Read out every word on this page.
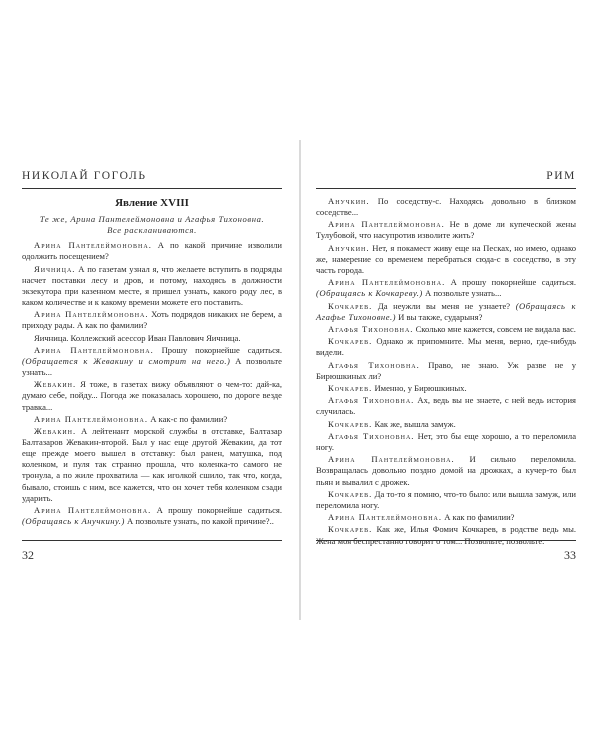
НИКОЛАЙ ГОГОЛЬ
Явление XVIII
Те же, Арина Пантелеймоновна и Агафья Тихоновна. Все раскланиваются.
Арина Пантелеймоновна. А по какой причине изволили одолжить посещением?
Яичница. А по газетам узнал я, что желаете вступить в подряды насчет поставки лесу и дров, и потому, находясь в должности экзекутора при казенном месте, я пришел узнать, какого роду лес, в каком количестве и к какому времени можете его поставить.
Арина Пантелеймоновна. Хоть подрядов никаких не берем, а приходу рады. А как по фамилии?
Яичница. Коллежский асессор Иван Павлович Яичница.
Арина Пантелеймоновна. Прошу покорнейше садиться. (Обращается к Жевакину и смотрит на него.) А позвольте узнать...
Жевакин. Я тоже, в газетах вижу объявляют о чем-то: дай-ка, думаю себе, пойду... Погода же показалась хорошею, по дороге везде травка...
Арина Пантелеймоновна. А как-с по фамилии?
Жевакин. А лейтенант морской службы в отставке, Балтазар Балтазаров Жевакин-второй. Был у нас еще другой Жевакин, да тот еще прежде моего вышел в отставку: был ранен, матушка, под коленком, и пуля так странно прошла, что коленка-то самого не тронула, а по жиле прохватила — как иголкой сшило, так что, когда, бывало, стоишь с ним, все кажется, что он хочет тебя коленком сзади ударить.
Арина Пантелеймоновна. А прошу покорнейше садиться. (Обращаясь к Анучкину.) А позвольте узнать, по какой причине?..
32
РИМ
Анучкин. По соседству-с. Находясь довольно в близком соседстве...
Арина Пантелеймоновна. Не в доме ли купеческой жены Тулубовой, что насупротив изволите жить?
Анучкин. Нет, я покамест живу еще на Песках, но имею, однако же, намерение со временем перебраться сюда-с в соседство, в эту часть города.
Арина Пантелеймоновна. А прошу покорнейше садиться. (Обращаясь к Кочкареву.) А позвольте узнать...
Кочкарев. Да неужли вы меня не узнаете? (Обращаясь к Агафье Тихоновне.) И вы также, сударыня?
Агафья Тихоновна. Сколько мне кажется, совсем не видала вас.
Кочкарев. Однако ж припомните. Мы меня, верно, где-нибудь видели.
Агафья Тихоновна. Право, не знаю. Уж разве не у Бирюшкиных ли?
Кочкарев. Именно, у Бирюшкиных.
Агафья Тихоновна. Ах, ведь вы не знаете, с ней ведь история случилась.
Кочкарев. Как же, вышла замуж.
Агафья Тихоновна. Нет, это бы еще хорошо, а то переломила ногу.
Арина Пантелеймоновна. И сильно переломила. Возвращалась довольно поздно домой на дрожках, а кучер-то был пьян и вывалил с дрожек.
Кочкарев. Да то-то я помню, что-то было: или вышла замуж, или переломила ногу.
Арина Пантелеймоновна. А как по фамилии?
Кочкарев. Как же, Илья Фомич Кочкарев, в родстве ведь мы.
33
